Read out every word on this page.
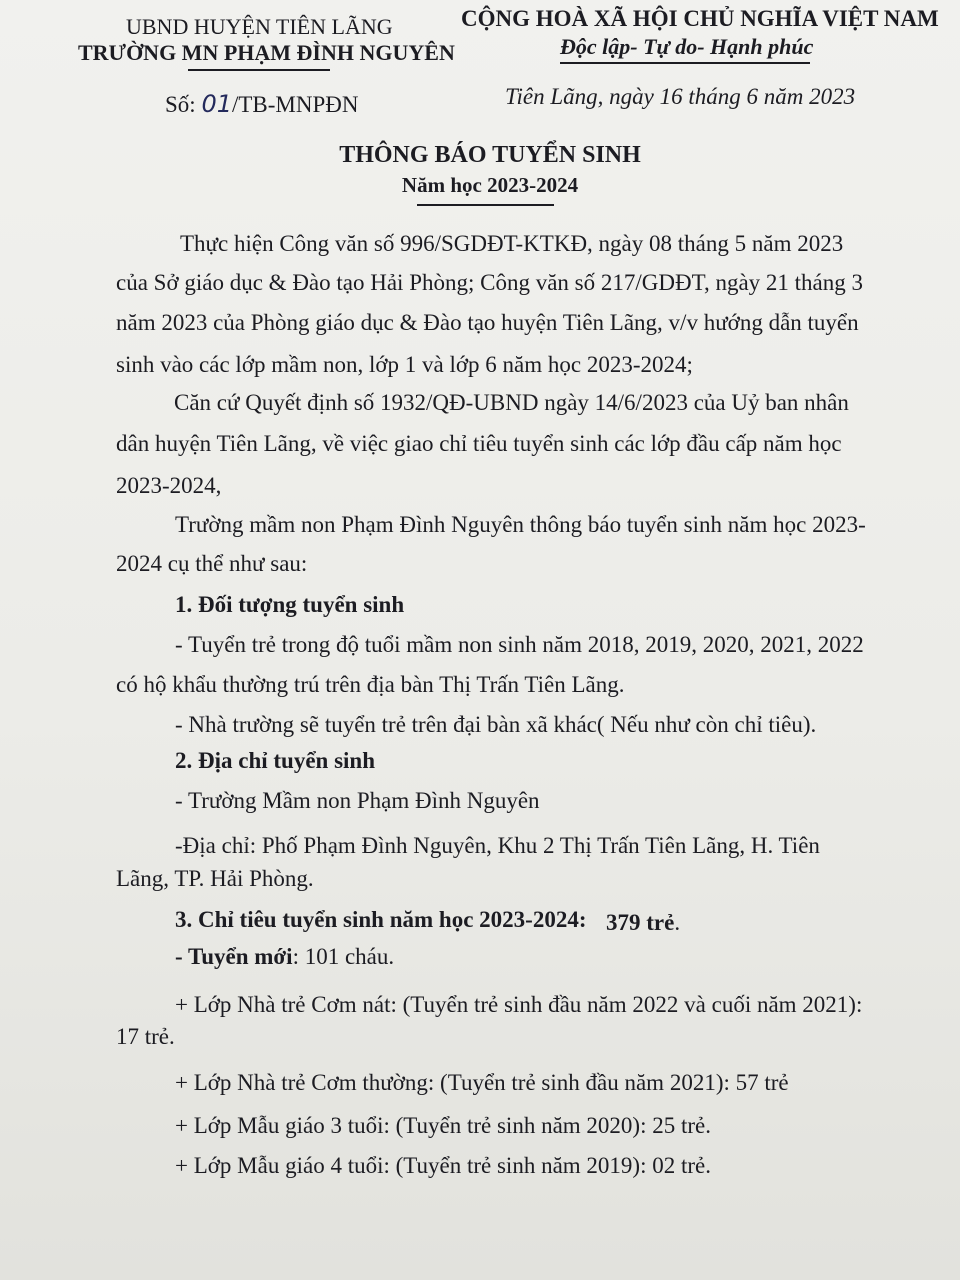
UBND HUYỆN TIÊN LÃNG
TRƯỜNG MN PHẠM ĐÌNH NGUYÊN
CỘNG HOÀ XÃ HỘI CHỦ NGHĨA VIỆT NAM
Độc lập- Tự do- Hạnh phúc
Số: 01/TB-MNPĐN	Tiên Lãng, ngày 16 tháng 6 năm 2023
THÔNG BÁO TUYỂN SINH
Năm học 2023-2024
Thực hiện Công văn số 996/SGDĐT-KTKĐ, ngày 08 tháng 5 năm 2023
của Sở giáo dục & Đào tạo Hải Phòng; Công văn số 217/GDĐT, ngày 21 tháng 3
năm 2023 của Phòng giáo dục & Đào tạo huyện Tiên Lãng, v/v hướng dẫn tuyển
sinh vào các lớp mầm non, lớp 1 và lớp 6 năm học 2023-2024;
Căn cứ Quyết định số 1932/QĐ-UBND ngày 14/6/2023 của Uỷ ban nhân
dân huyện Tiên Lãng, về việc giao chỉ tiêu tuyển sinh các lớp đầu cấp năm học
2023-2024,
Trường mầm non Phạm Đình Nguyên thông báo tuyển sinh năm học 2023-
2024 cụ thể như sau:
1. Đối tượng tuyển sinh
- Tuyển trẻ trong độ tuổi mầm non sinh năm 2018, 2019, 2020, 2021, 2022
có hộ khẩu thường trú trên địa bàn Thị Trấn Tiên Lãng.
- Nhà trường sẽ tuyển trẻ trên đại bàn xã khác( Nếu như còn chỉ tiêu).
2. Địa chỉ tuyển sinh
- Trường Mầm non Phạm Đình Nguyên
-Địa chỉ: Phố Phạm Đình Nguyên, Khu 2 Thị Trấn Tiên Lãng, H. Tiên
Lãng, TP. Hải Phòng.
3. Chỉ tiêu tuyển sinh năm học 2023-2024: 379 trẻ.
- Tuyển mới: 101 cháu.
+ Lớp Nhà trẻ Cơm nát: (Tuyển trẻ sinh đầu năm 2022 và cuối năm 2021):
17 trẻ.
+ Lớp Nhà trẻ Cơm thường: (Tuyển trẻ sinh đầu năm 2021): 57 trẻ
+ Lớp Mẫu giáo 3 tuổi: (Tuyển trẻ sinh năm 2020): 25 trẻ.
+ Lớp Mẫu giáo 4 tuổi: (Tuyển trẻ sinh năm 2019): 02 trẻ.
